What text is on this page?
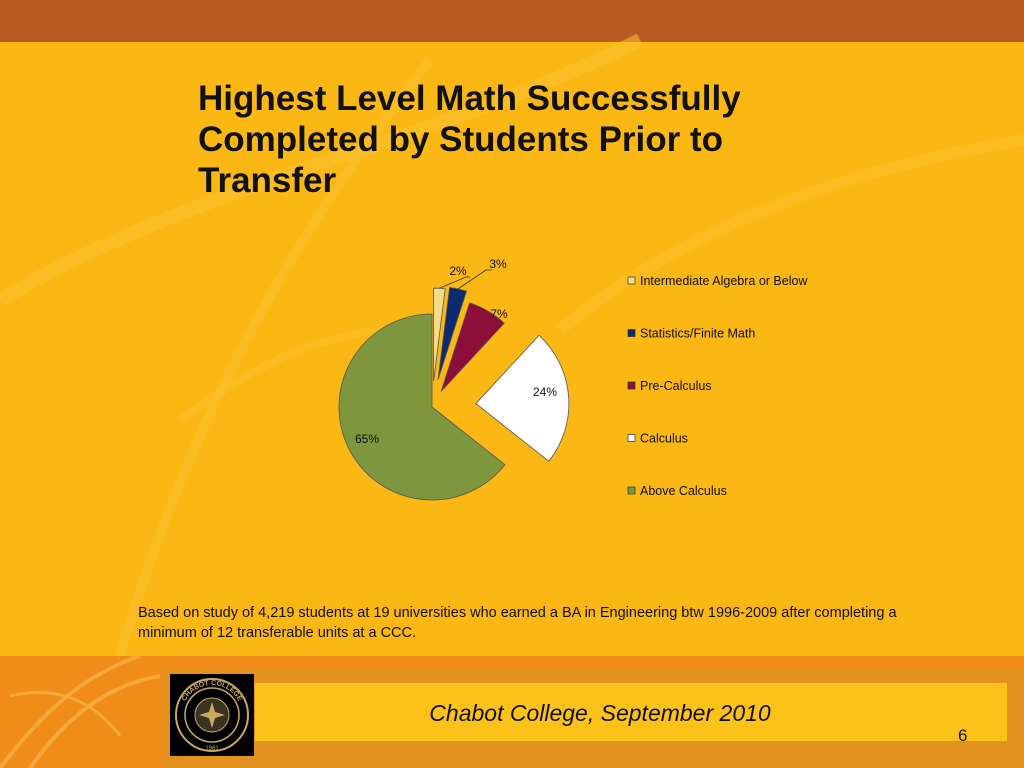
Highest Level Math Successfully Completed by Students Prior to Transfer
2% 3%
7%
24%
65%
Intermediate Algebra or Below
Statistics/Finite Math
Pre-Calculus
Calculus
Above Calculus
Based on study of 4,219 students at 19 universities who earned a BA in Engineering btw 1996-2009 after completing a minimum of 12 transferable units at a CCC.
CHABOT COLLEGE
1961
Chabot College, September 2010
6
